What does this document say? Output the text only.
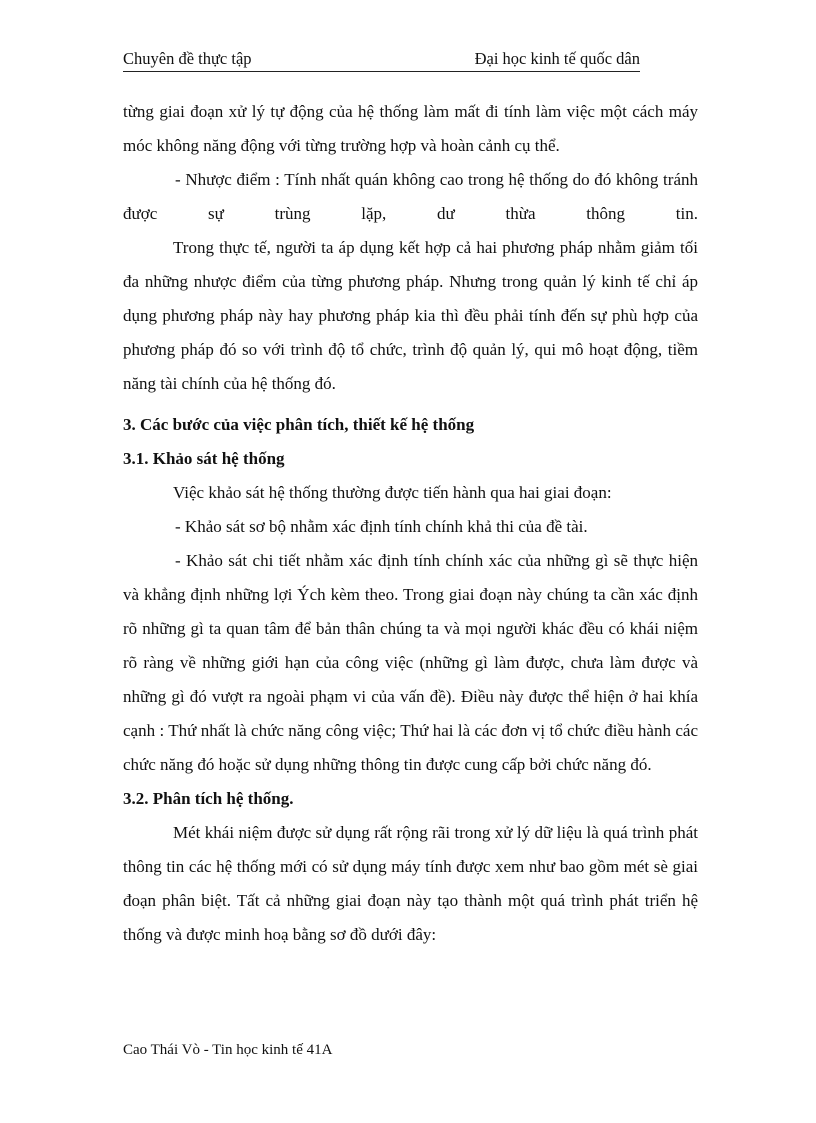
Chuyên đề thực tập	Đại học kinh tế quốc dân

từng giai đoạn xử lý tự động của hệ thống làm mất đi tính làm việc một cách máy móc không năng động với từng trường hợp và hoàn cảnh cụ thể.

- Nhược điểm : Tính nhất quán không cao trong hệ thống do đó không tránh được sự trùng lặp, dư thừa thông tin.

Trong thực tế, người ta áp dụng kết hợp cả hai phương pháp nhằm giảm tối đa những nhược điểm của từng phương pháp. Nhưng trong quản lý kinh tế chỉ áp dụng phương pháp này hay phương pháp kia thì đều phải tính đến sự phù hợp của phương pháp đó so với trình độ tổ chức, trình độ quản lý, qui mô hoạt động, tiềm năng tài chính của hệ thống đó.

3. Các bước của việc phân tích, thiết kế hệ thống
3.1. Khảo sát hệ thống

Việc khảo sát hệ thống thường được tiến hành qua hai giai đoạn:

- Khảo sát sơ bộ nhằm xác định tính chính khả thi của đề tài.

- Khảo sát chi tiết nhằm xác định tính chính xác của những gì sẽ thực hiện và khẳng định những lợi Ých kèm theo. Trong giai đoạn này chúng ta cần xác định rõ những gì ta quan tâm để bản thân chúng ta và mọi người khác đều có khái niệm rõ ràng về những giới hạn của công việc (những gì làm được, chưa làm được và những gì đó vượt ra ngoài phạm vi của vấn đề). Điều này được thể hiện ở hai khía cạnh : Thứ nhất là chức năng công việc; Thứ hai là các đơn vị tổ chức điều hành các chức năng đó hoặc sử dụng những thông tin được cung cấp bởi chức năng đó.

3.2. Phân tích hệ thống.

Mét khái niệm được sử dụng rất rộng rãi trong xử lý dữ liệu là quá trình phát thông tin các hệ thống mới có sử dụng máy tính được xem như bao gồm mét sè giai đoạn phân biệt. Tất cả những giai đoạn này tạo thành một quá trình phát triển hệ thống và được minh hoạ bằng sơ đồ dưới đây:

Cao Thái Vò - Tin học kinh tế 41A
